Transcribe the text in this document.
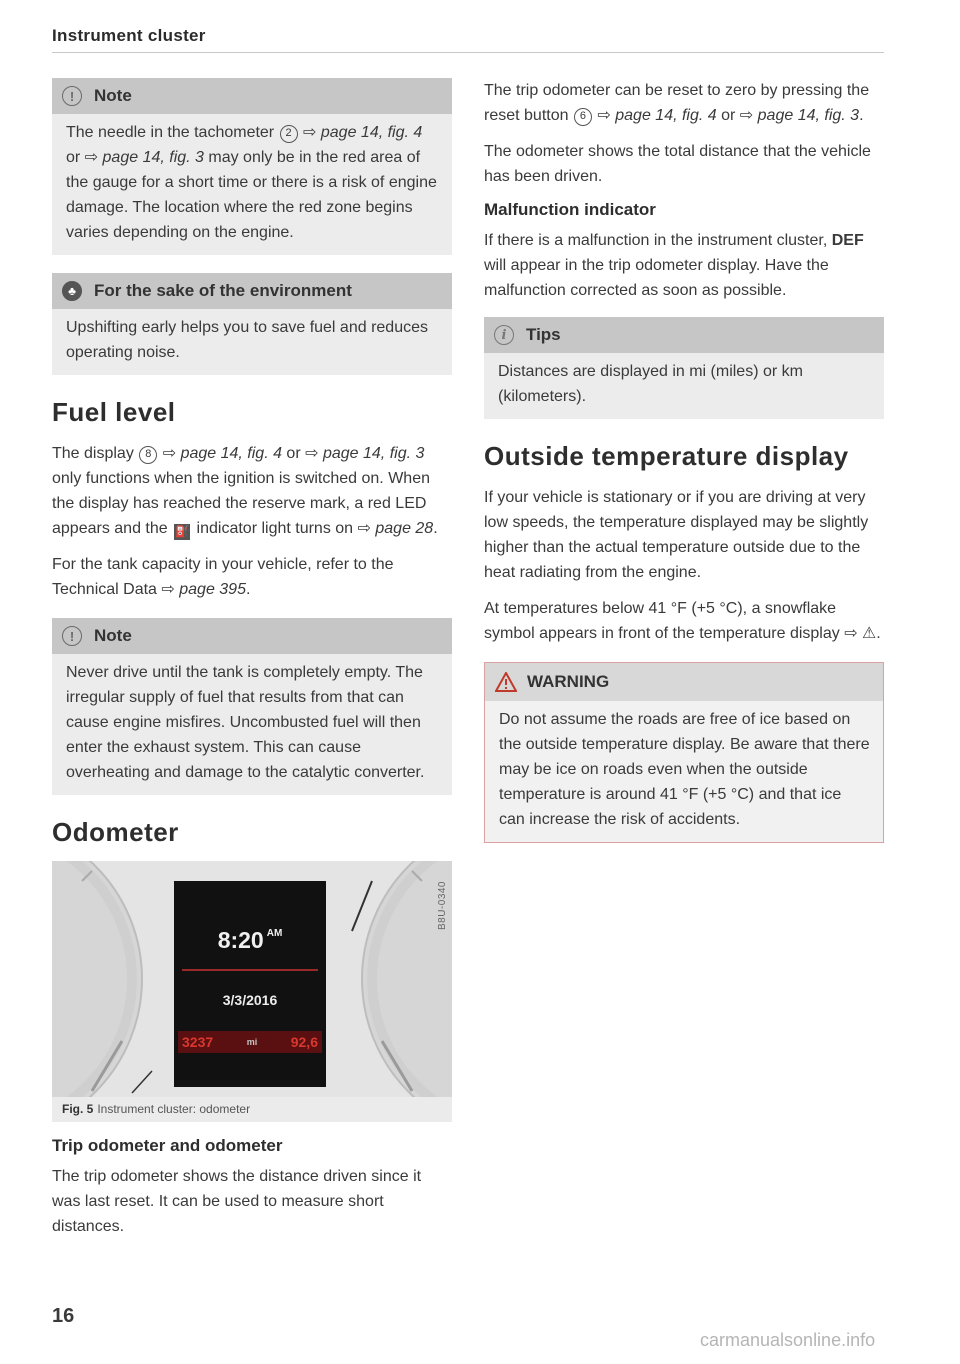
Instrument cluster
!	Note
The needle in the tachometer 2 ⇨ page 14, fig. 4 or ⇨ page 14, fig. 3 may only be in the red area of the gauge for a short time or there is a risk of engine damage. The location where the red zone begins varies depending on the engine.
♣	For the sake of the environment
Upshifting early helps you to save fuel and reduces operating noise.
Fuel level

The display 8 ⇨ page 14, fig. 4 or ⇨ page 14, fig. 3 only functions when the ignition is switched on. When the display has reached the reserve mark, a red LED appears and the ⛽ indicator light turns on ⇨ page 28.

For the tank capacity in your vehicle, refer to the Technical Data ⇨ page 395.

!	Note
Never drive until the tank is completely empty. The irregular supply of fuel that results from that can cause engine misfires. Uncombusted fuel will then enter the exhaust system. This can cause overheating and damage to the catalytic converter.
Odometer
8:20 $^{AM}$
3/3/2016
3237	mi 92,6
B8U-0340
Fig. 5 Instrument cluster: odometer
Trip odometer and odometer

The trip odometer shows the distance driven since it was last reset. It can be used to measure short distances.

The trip odometer can be reset to zero by pressing the reset button 6 ⇨ page 14, fig. 4 or ⇨ page 14, fig. 3.

The odometer shows the total distance that the vehicle has been driven.

Malfunction indicator

If there is a malfunction in the instrument cluster, DEF will appear in the trip odometer display. Have the malfunction corrected as soon as possible.

i	Tips
Distances are displayed in mi (miles) or km (kilometers).
Outside temperature display

If your vehicle is stationary or if you are driving at very low speeds, the temperature displayed may be slightly higher than the actual temperature outside due to the heat radiating from the engine.

At temperatures below 41 °F (+5 °C), a snowflake symbol appears in front of the temperature display ⇨ ⚠.

WARNING
Do not assume the roads are free of ice based on the outside temperature display. Be aware that there may be ice on roads even when the outside temperature is around 41 °F (+5 °C) and that ice can increase the risk of accidents.
16
carmanualsonline.info
